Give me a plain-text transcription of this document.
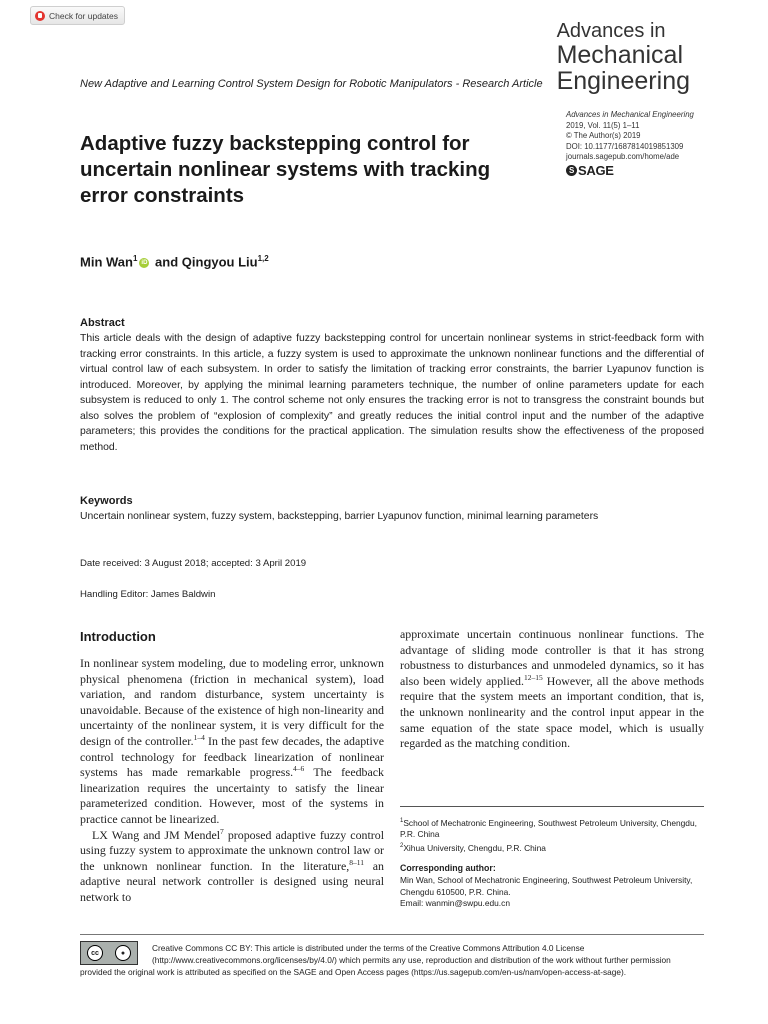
Check for updates
Advances in
Mechanical
Engineering
New Adaptive and Learning Control System Design for Robotic Manipulators - Research Article
Adaptive fuzzy backstepping control for uncertain nonlinear systems with tracking error constraints
Advances in Mechanical Engineering
2019, Vol. 11(5) 1–11
© The Author(s) 2019
DOI: 10.1177/1687814019851309
journals.sagepub.com/home/ade
S SAGE
Min Wan$^1$ iD and Qingyou Liu$^{1,2}$
Abstract
This article deals with the design of adaptive fuzzy backstepping control for uncertain nonlinear systems in strict-feedback form with tracking error constraints. In this article, a fuzzy system is used to approximate the unknown nonlinear functions and the differential of virtual control law of each subsystem. In order to satisfy the limitation of tracking error constraints, the barrier Lyapunov function is introduced. Moreover, by applying the minimal learning parameters technique, the number of online parameters update for each subsystem is reduced to only 1. The control scheme not only ensures the tracking error is not to transgress the constraint bounds but also solves the problem of “explosion of complexity” and greatly reduces the initial control input and the number of the adaptive parameters; this provides the conditions for the practical application. The simulation results show the effectiveness of the proposed method.
Keywords
Uncertain nonlinear system, fuzzy system, backstepping, barrier Lyapunov function, minimal learning parameters
Date received: 3 August 2018; accepted: 3 April 2019
Handling Editor: James Baldwin
Introduction

In nonlinear system modeling, due to modeling error, unknown physical phenomena (friction in mechanical system), load variation, and random disturbance, system uncertainty is unavoidable. Because of the existence of high non-linearity and uncertainty of the nonlinear system, it is very difficult for the design of the controller.$^{1-4}$ In the past few decades, the adaptive control technology for feedback linearization of nonlinear systems has made remarkable progress.$^{4-6}$ The feedback linearization requires the uncertainty to satisfy the linear parameterized condition. However, most of the systems in practice cannot be linearized.

LX Wang and JM Mendel$^7$ proposed adaptive fuzzy control using fuzzy system to approximate the unknown control law or the unknown nonlinear function. In the literature,$^{8-11}$ an adaptive neural network controller is designed using neural network to

approximate uncertain continuous nonlinear functions. The advantage of sliding mode controller is that it has strong robustness to disturbances and unmodeled dynamics, so it has also been widely applied.$^{12-15}$ However, all the above methods require that the system meets an important condition, that is, the unknown nonlinearity and the control input appear in the same equation of the state space model, which is usually regarded as the matching condition.

$^1$School of Mechatronic Engineering, Southwest Petroleum University, Chengdu, P.R. China
$^2$Xihua University, Chengdu, P.R. China
Corresponding author:
Min Wan, School of Mechatronic Engineering, Southwest Petroleum University, Chengdu 610500, P.R. China.
Email: wanmin@swpu.edu.cn
Creative Commons CC BY: This article is distributed under the terms of the Creative Commons Attribution 4.0 License
(http://www.creativecommons.org/licenses/by/4.0/) which permits any use, reproduction and distribution of the work without further permission provided the original work is attributed as specified on the SAGE and Open Access pages (https://us.sagepub.com/en-us/nam/open-access-at-sage).
cc	●
